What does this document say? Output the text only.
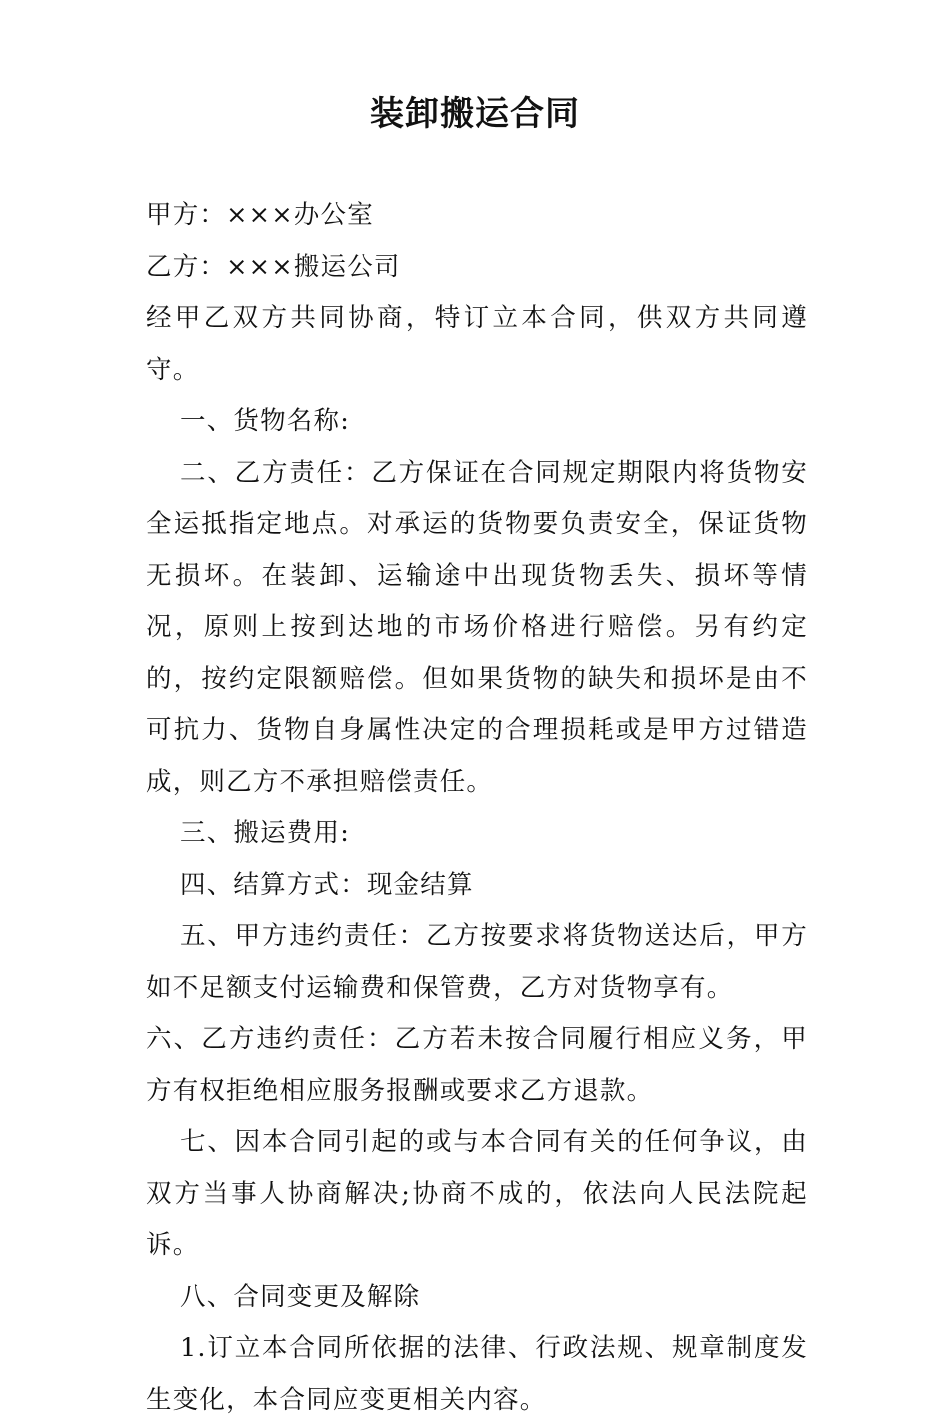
装卸搬运合同

甲方：×××办公室

乙方：×××搬运公司

经甲乙双方共同协商，特订立本合同，供双方共同遵守。

一、货物名称:

二、乙方责任：乙方保证在合同规定期限内将货物安全运抵指定地点。对承运的货物要负责安全，保证货物无损坏。在装卸、运输途中出现货物丢失、损坏等情况，原则上按到达地的市场价格进行赔偿。另有约定的，按约定限额赔偿。但如果货物的缺失和损坏是由不可抗力、货物自身属性决定的合理损耗或是甲方过错造成，则乙方不承担赔偿责任。

三、搬运费用:

四、结算方式：现金结算

五、甲方违约责任：乙方按要求将货物送达后，甲方如不足额支付运输费和保管费，乙方对货物享有。

六、乙方违约责任：乙方若未按合同履行相应义务，甲方有权拒绝相应服务报酬或要求乙方退款。

七、因本合同引起的或与本合同有关的任何争议，由双方当事人协商解决;协商不成的，依法向人民法院起诉。

八、合同变更及解除

1.订立本合同所依据的法律、行政法规、规章制度发生变化，本合同应变更相关内容。
